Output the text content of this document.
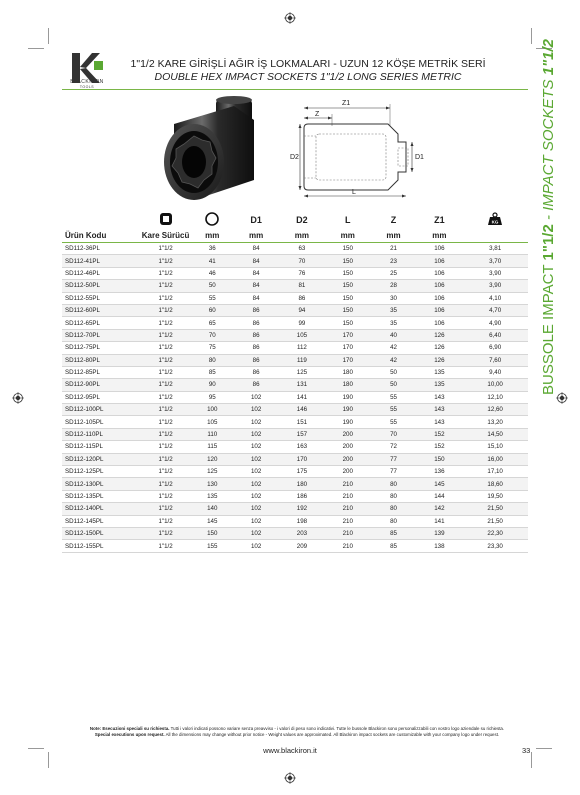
BLACKIRON
TOOLS
1"1/2 KARE GİRİŞLİ AĞIR İŞ LOKMALARI - UZUN 12 KÖŞE METRİK SERİ
DOUBLE HEX IMPACT SOCKETS 1"1/2 LONG SERIES METRIC
BUSSOLE IMPACT 1"1/2 - IMPACT SOCKETS 1"1/2
Z1
Z
D2	D1
L
			D1	D2	L	Z	Z1	KG

Ürün Kodu	Kare Sürücü	mm	mm	mm	mm	mm	mm	
SD112-36PL	1"1/2	36	84	63	150	21	106	3,81
SD112-41PL	1"1/2	41	84	70	150	23	106	3,70
SD112-46PL	1"1/2	46	84	76	150	25	106	3,90
SD112-50PL	1"1/2	50	84	81	150	28	106	3,90
SD112-55PL	1"1/2	55	84	86	150	30	106	4,10
SD112-60PL	1"1/2	60	86	94	150	35	106	4,70
SD112-65PL	1"1/2	65	86	99	150	35	106	4,90
SD112-70PL	1"1/2	70	86	105	170	40	126	6,40
SD112-75PL	1"1/2	75	86	112	170	42	126	6,90
SD112-80PL	1"1/2	80	86	119	170	42	126	7,60
SD112-85PL	1"1/2	85	86	125	180	50	135	9,40
SD112-90PL	1"1/2	90	86	131	180	50	135	10,00
SD112-95PL	1"1/2	95	102	141	190	55	143	12,10
SD112-100PL	1"1/2	100	102	146	190	55	143	12,60
SD112-105PL	1"1/2	105	102	151	190	55	143	13,20
SD112-110PL	1"1/2	110	102	157	200	70	152	14,50
SD112-115PL	1"1/2	115	102	163	200	72	152	15,10
SD112-120PL	1"1/2	120	102	170	200	77	150	16,00
SD112-125PL	1"1/2	125	102	175	200	77	136	17,10
SD112-130PL	1"1/2	130	102	180	210	80	145	18,60
SD112-135PL	1"1/2	135	102	186	210	80	144	19,50
SD112-140PL	1"1/2	140	102	192	210	80	142	21,50
SD112-145PL	1"1/2	145	102	198	210	80	141	21,50
SD112-150PL	1"1/2	150	102	203	210	85	139	22,30
SD112-155PL	1"1/2	155	102	209	210	85	138	23,30
Note: Esecuzioni speciali su richiesta. Tutti i valori indicati possono variare senza preavviso - i valori di peso sono indicativi. Tutte le bussole Blackiron sono personalizzabili con vostro logo aziendale su richiesta.
Special executions upon request. All the dimensions may change without prior notice - Weight values are approximated. All Blackiron impact sockets are customizable with your company logo under request.
www.blackiron.it	33
